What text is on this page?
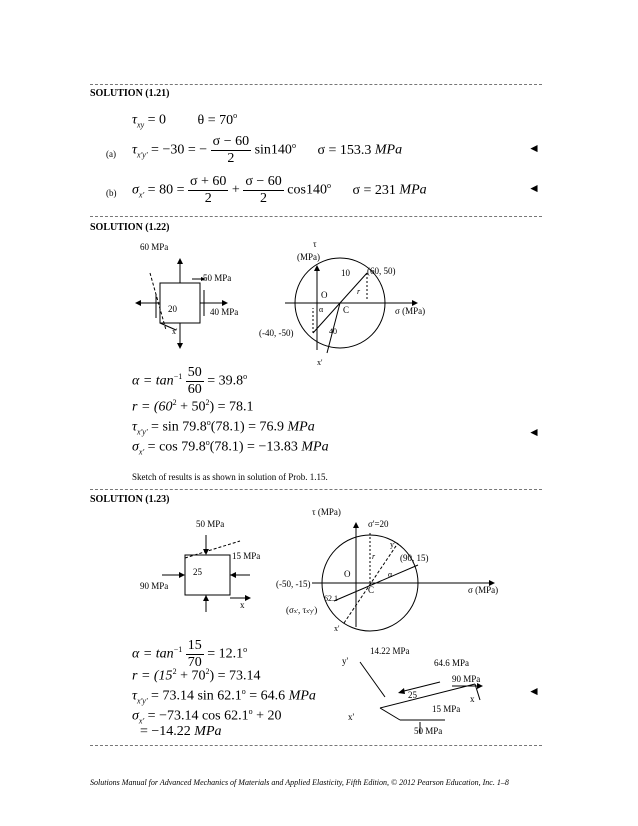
SOLUTION (1.21)
$\tau_{xy} = 0$ $\theta = 70^o$
(a) $\tau_{x'y'} = -30$ = − $\frac{\sigma - 60}{2} \sin 140^o$ σ = 153.3 MPa	◄
(b) $\sigma_{x'} = 80 = \frac{\sigma + 60}{2} + \frac{\sigma - 60}{2} \cos 140^o$ σ = 231 MPa	◄
SOLUTION (1.22)
60 MPa
50 MPa
40 MPa
20
x'
τ
(MPa)
10 (60, 50)
r
O
C
α	σ (MPa)
40
(-40, -50)
x'
$\alpha = \tan^{-1} \frac{50}{60} = 39.8^o$
$r = (60^2 + 50^2) = 78.1$
$\tau_{x'y'} = \sin 79.8^o(78.1) = 76.9$ MPa	◄
$\sigma_{x'} = \cos 79.8^o(78.1) = -13.83$ MPa
Sketch of results is as shown in solution of Prob. 1.15.
SOLUTION (1.23)
50 MPa
15 MPa
90 MPa
25
x
τ (MPa)
σ'=20
y'
r	(90, 15)
O	α
(-50, -15)
C	σ (MPa)
62.1
(σx', τx'y')
x'
$\alpha = \tan^{-1} \frac{15}{70} = 12.1^o$
$r = (15^2 + 70^2) = 73.14$
$\tau_{x'y'} = 73.14$ $\sin 62.1^o = 64.6$ MPa
$\sigma_{x'} = -73.14$ $\cos 62.1^o + 20$
= −14.22 MPa
y'
14.22 MPa
64.6 MPa
90 MPa
x
25
x'
15 MPa
50 MPa
◄
Solutions Manual for Advanced Mechanics of Materials and Applied Elasticity, Fifth Edition, © 2012 Pearson Education, Inc. 1–8
